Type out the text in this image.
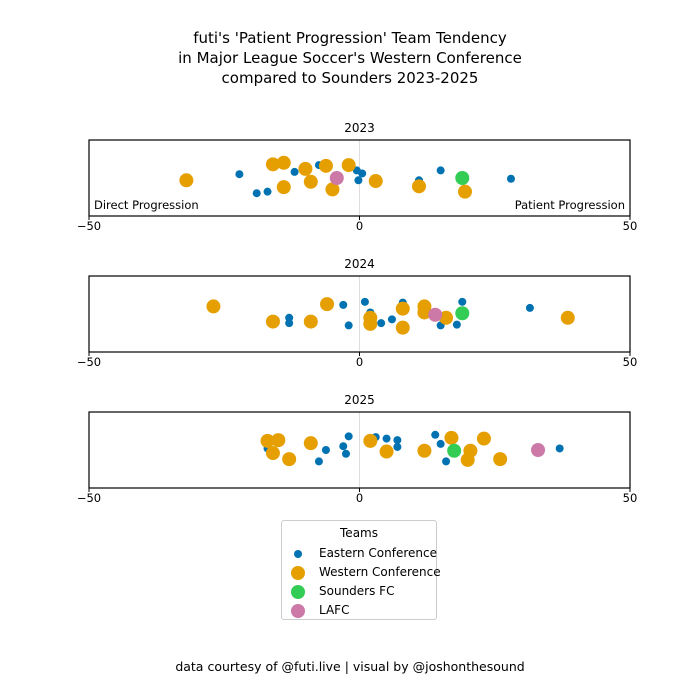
futi's 'Patient Progression' Team Tendency
in Major League Soccer's Western Conference
compared to Sounders 2023-2025
2023
−50	0	50
Direct Progression	Patient Progression
2024
−50	0	50
2025
−50	0	50
Teams
Eastern Conference
Western Conference
Sounders FC
LAFC
data courtesy of @futi.live | visual by @joshonthesound
